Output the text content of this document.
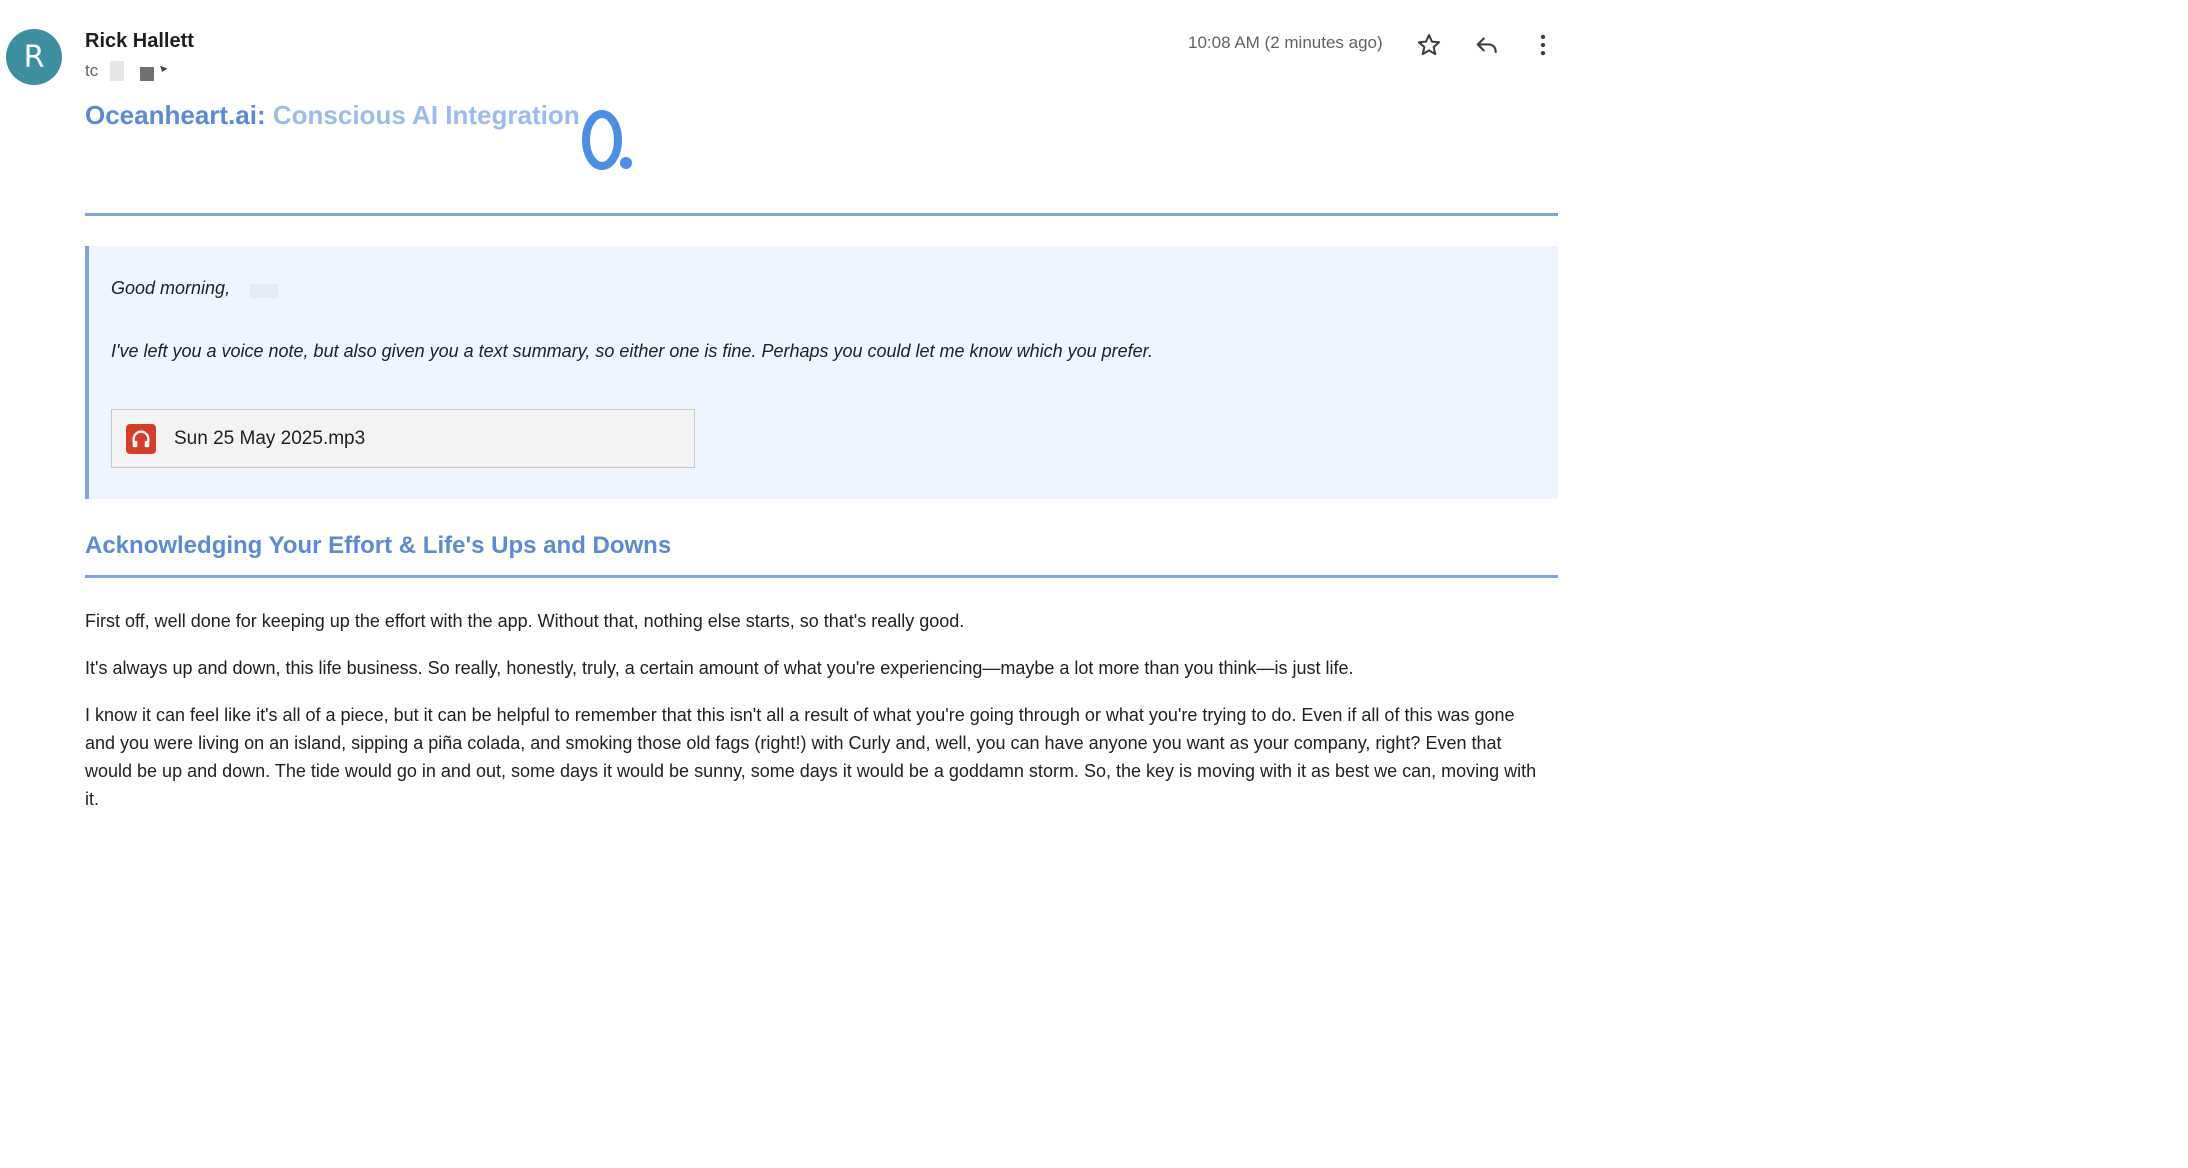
R	Rick Hallett
tc
10:08 AM (2 minutes ago)
Oceanheart.ai: Conscious AI Integration
Good morning,
I've left you a voice note, but also given you a text summary, so either one is fine. Perhaps you could let me know which you prefer.
Sun 25 May 2025.mp3
Acknowledging Your Effort & Life's Ups and Downs
First off, well done for keeping up the effort with the app. Without that, nothing else starts, so that's really good.
It's always up and down, this life business. So really, honestly, truly, a certain amount of what you're experiencing—maybe a lot more than you think—is just life.
I know it can feel like it's all of a piece, but it can be helpful to remember that this isn't all a result of what you're going through or what you're trying to do. Even if all of this was gone and you were living on an island, sipping a piña colada, and smoking those old fags (right!) with Curly and, well, you can have anyone you want as your company, right? Even that would be up and down. The tide would go in and out, some days it would be sunny, some days it would be a goddamn storm. So, the key is moving with it as best we can, moving with it.
